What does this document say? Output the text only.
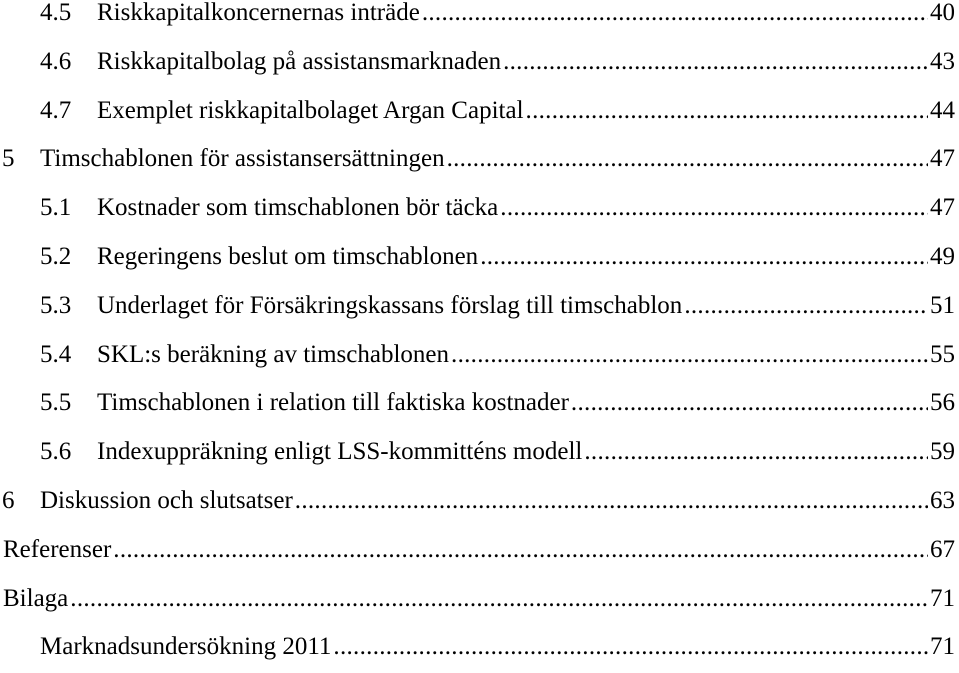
4.5	Riskkapitalkoncernernas inträde .....	40
4.6	Riskkapitalbolag på assistansmarknaden .....	43
4.7	Exemplet riskkapitalbolaget Argan Capital .....	44
5	Timschablonen för assistansersättningen .....	47
5.1	Kostnader som timschablonen bör täcka .....	47
5.2	Regeringens beslut om timschablonen .....	49
5.3	Underlaget för Försäkringskassans förslag till timschablon .....	51
5.4	SKL:s beräkning av timschablonen .....	55
5.5	Timschablonen i relation till faktiska kostnader .....	56
5.6	Indexuppräkning enligt LSS-kommitténs modell .....	59
6	Diskussion och slutsatser .....	63
Referenser .....	67
Bilaga .....	71
Marknadsundersökning 2011 .....	71
